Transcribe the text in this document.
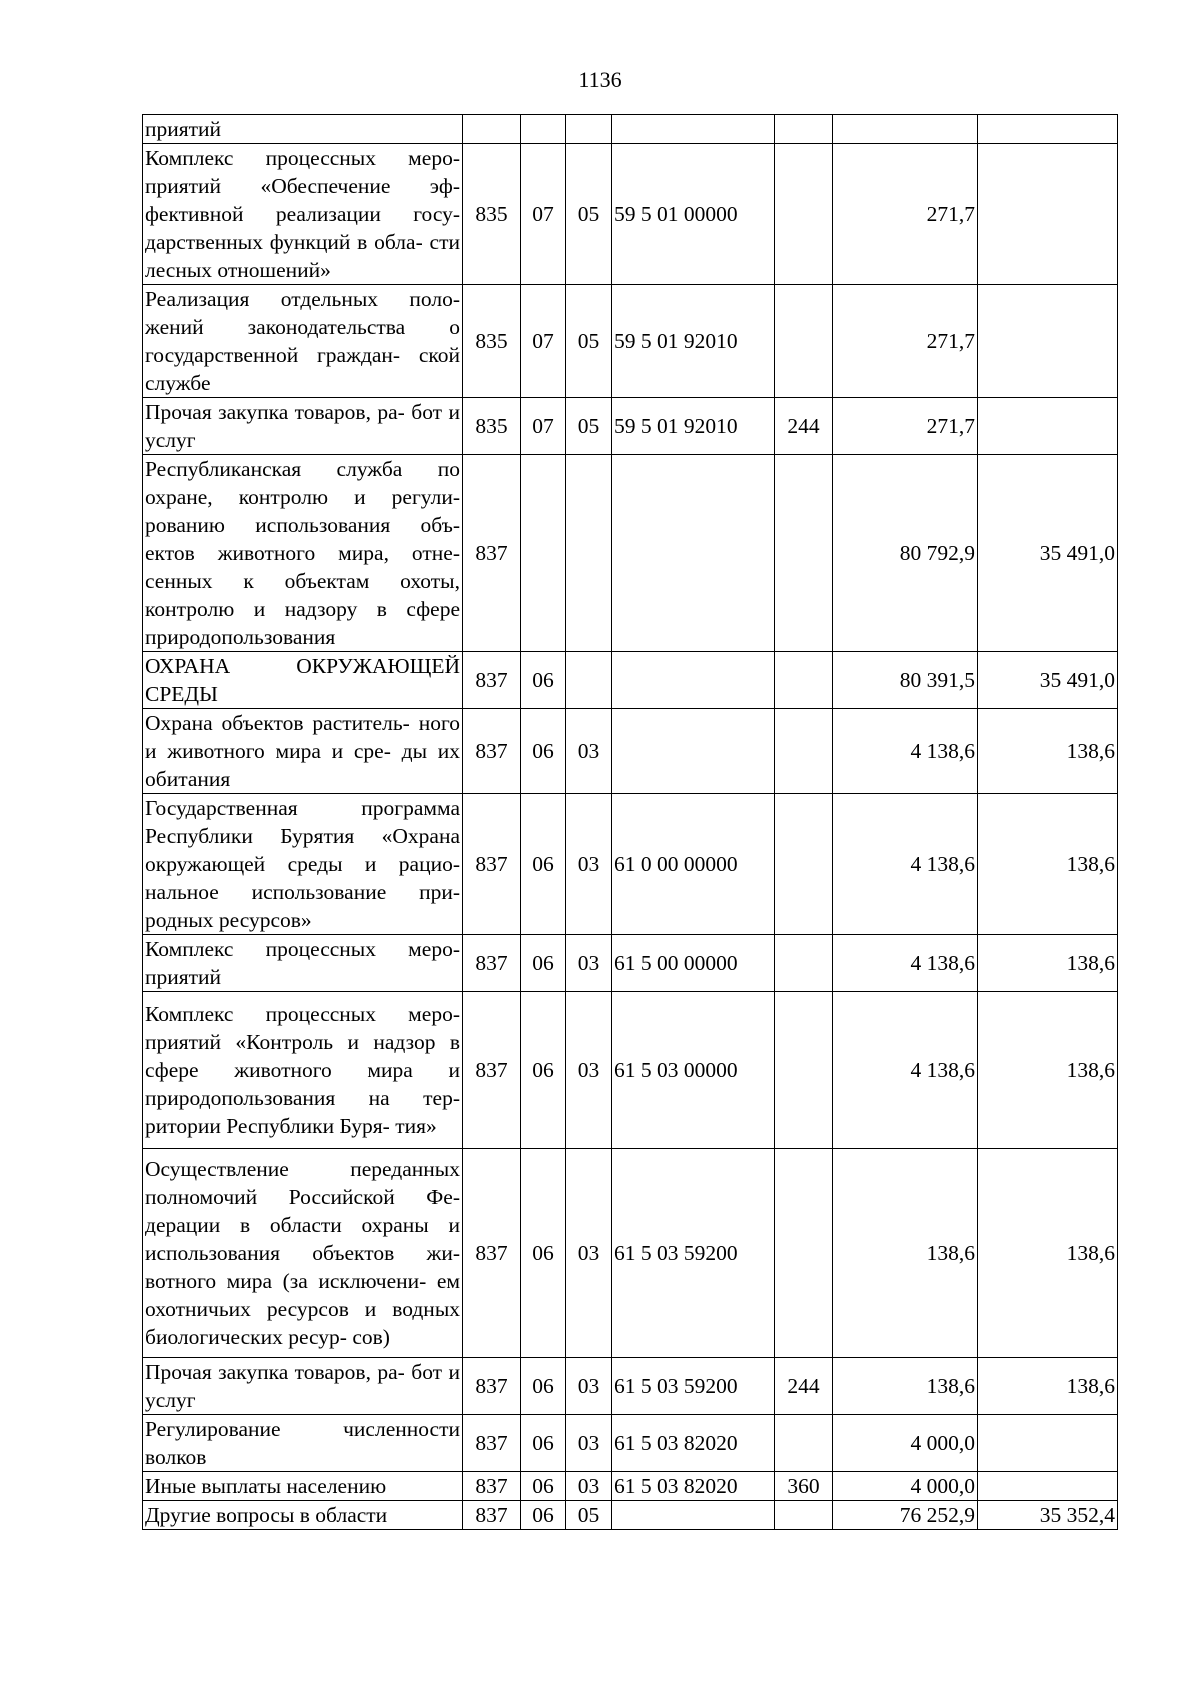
1136
приятий							
Комплекс процессных меро- приятий «Обеспечение эф- фективной реализации госу- дарственных функций в обла- сти лесных отношений»	835	07	05	59 5 01 00000		271,7	
Реализация отдельных поло- жений законодательства о государственной граждан- ской службе	835	07	05	59 5 01 92010		271,7	
Прочая закупка товаров, ра- бот и услуг	835	07	05	59 5 01 92010	244	271,7	
Республиканская служба по охране, контролю и регули- рованию использования объ- ектов животного мира, отне- сенных к объектам охоты, контролю и надзору в сфере природопользования	837					80 792,9	35 491,0
ОХРАНА ОКРУЖАЮЩЕЙ СРЕДЫ	837	06				80 391,5	35 491,0
Охрана объектов раститель- ного и животного мира и сре- ды их обитания	837	06	03			4 138,6	138,6
Государственная программа Республики Бурятия «Охрана окружающей среды и рацио- нальное использование при- родных ресурсов»	837	06	03	61 0 00 00000		4 138,6	138,6
Комплекс процессных меро- приятий	837	06	03	61 5 00 00000		4 138,6	138,6
Комплекс процессных меро- приятий «Контроль и надзор в сфере животного мира и природопользования на тер- ритории Республики Буря- тия»	837	06	03	61 5 03 00000		4 138,6	138,6
Осуществление переданных полномочий Российской Фе- дерации в области охраны и использования объектов жи- вотного мира (за исключени- ем охотничьих ресурсов и водных биологических ресур- сов)	837	06	03	61 5 03 59200		138,6	138,6
Прочая закупка товаров, ра- бот и услуг	837	06	03	61 5 03 59200	244	138,6	138,6
Регулирование численности волков	837	06	03	61 5 03 82020		4 000,0	
Иные выплаты населению	837	06	03	61 5 03 82020	360	4 000,0	
Другие вопросы в области	837	06	05			76 252,9	35 352,4
